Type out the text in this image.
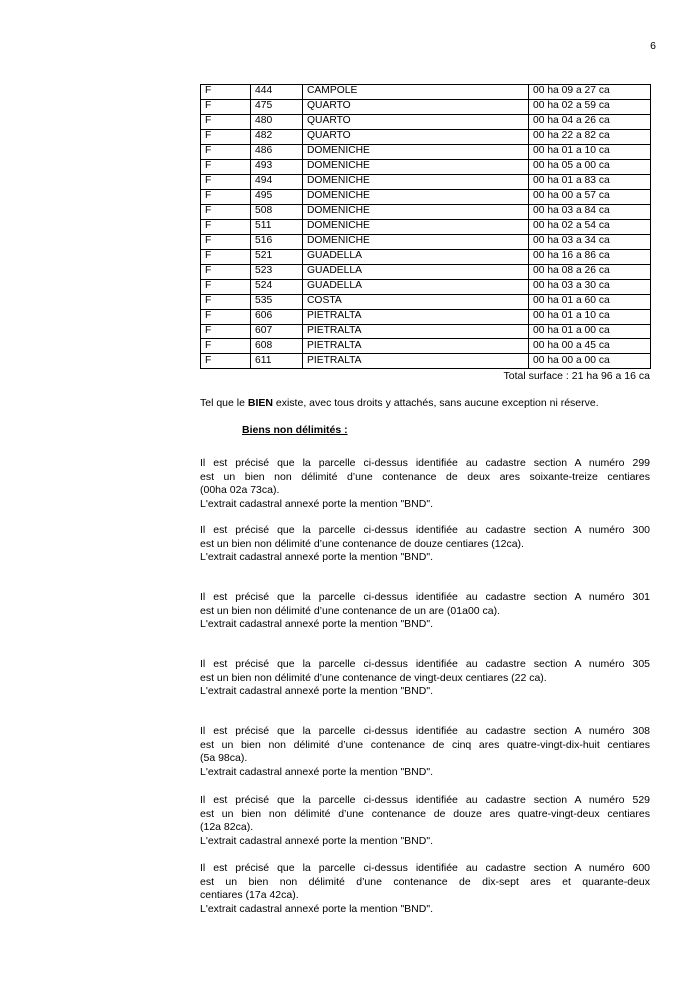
6
F	444	CAMPOLE	00 ha 09 a 27 ca
F	475	QUARTO	00 ha 02 a 59 ca
F	480	QUARTO	00 ha 04 a 26 ca
F	482	QUARTO	00 ha 22 a 82 ca
F	486	DOMENICHE	00 ha 01 a 10 ca
F	493	DOMENICHE	00 ha 05 a 00 ca
F	494	DOMENICHE	00 ha 01 a 83 ca
F	495	DOMENICHE	00 ha 00 a 57 ca
F	508	DOMENICHE	00 ha 03 a 84 ca
F	511	DOMENICHE	00 ha 02 a 54 ca
F	516	DOMENICHE	00 ha 03 a 34 ca
F	521	GUADELLA	00 ha 16 a 86 ca
F	523	GUADELLA	00 ha 08 a 26 ca
F	524	GUADELLA	00 ha 03 a 30 ca
F	535	COSTA	00 ha 01 a 60 ca
F	606	PIETRALTA	00 ha 01 a 10 ca
F	607	PIETRALTA	00 ha 01 a 00 ca
F	608	PIETRALTA	00 ha 00 a 45 ca
F	611	PIETRALTA	00 ha 00 a 00 ca
Total surface : 21 ha 96 a 16 ca
Tel que le BIEN existe, avec tous droits y attachés, sans aucune exception ni réserve.
Biens non délimités :
Il est précisé que la parcelle ci-dessus identifiée au cadastre section A numéro 299
est un bien non délimité d’une contenance de deux ares soixante-treize centiares
(00ha 02a 73ca).
L'extrait cadastral annexé porte la mention "BND".
Il est précisé que la parcelle ci-dessus identifiée au cadastre section A numéro 300
est un bien non délimité d’une contenance de douze centiares (12ca).
L'extrait cadastral annexé porte la mention "BND".
Il est précisé que la parcelle ci-dessus identifiée au cadastre section A numéro 301
est un bien non délimité d’une contenance de un are (01a00 ca).
L'extrait cadastral annexé porte la mention "BND".
Il est précisé que la parcelle ci-dessus identifiée au cadastre section A numéro 305
est un bien non délimité d’une contenance de vingt-deux centiares (22 ca).
L'extrait cadastral annexé porte la mention "BND".
Il est précisé que la parcelle ci-dessus identifiée au cadastre section A numéro 308
est un bien non délimité d’une contenance de cinq ares quatre-vingt-dix-huit centiares
(5a 98ca).
L'extrait cadastral annexé porte la mention "BND".
Il est précisé que la parcelle ci-dessus identifiée au cadastre section A numéro 529
est un bien non délimité d’une contenance de douze ares quatre-vingt-deux centiares
(12a 82ca).
L'extrait cadastral annexé porte la mention "BND".
Il est précisé que la parcelle ci-dessus identifiée au cadastre section A numéro 600
est un bien non délimité d’une contenance de dix-sept ares et quarante-deux
centiares (17a 42ca).
L'extrait cadastral annexé porte la mention "BND".
